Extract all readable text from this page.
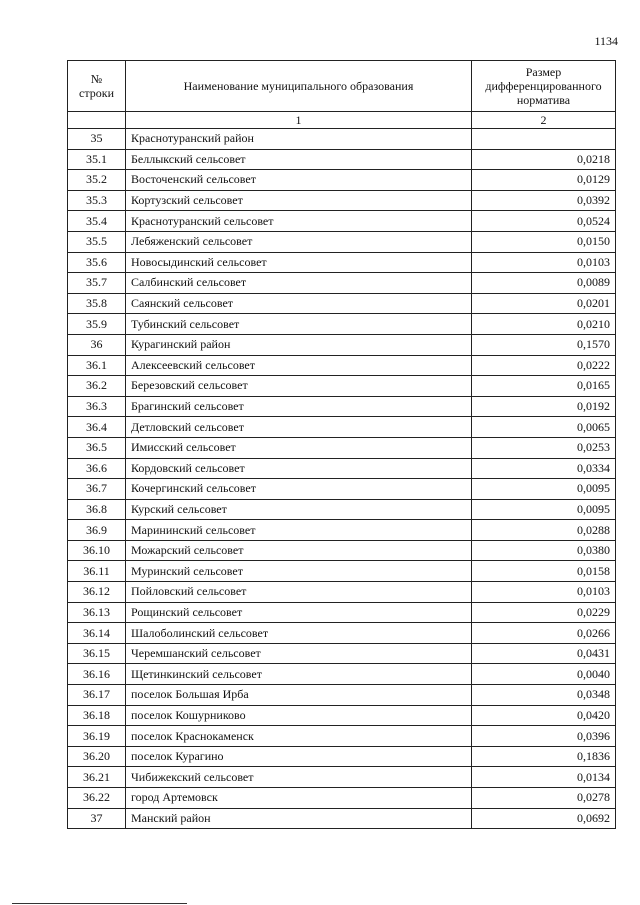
1134
№ строки	Наименование муниципального образования	Размер дифференцированного норматива
	1	2
35	Краснотуранский район	
35.1	Беллыкский сельсовет	0,0218
35.2	Восточенский сельсовет	0,0129
35.3	Кортузский сельсовет	0,0392
35.4	Краснотуранский сельсовет	0,0524
35.5	Лебяженский сельсовет	0,0150
35.6	Новосыдинский сельсовет	0,0103
35.7	Салбинский сельсовет	0,0089
35.8	Саянский сельсовет	0,0201
35.9	Тубинский сельсовет	0,0210
36	Курагинский район	0,1570
36.1	Алексеевский сельсовет	0,0222
36.2	Березовский сельсовет	0,0165
36.3	Брагинский сельсовет	0,0192
36.4	Детловский сельсовет	0,0065
36.5	Имисский сельсовет	0,0253
36.6	Кордовский сельсовет	0,0334
36.7	Кочергинский сельсовет	0,0095
36.8	Курский сельсовет	0,0095
36.9	Марининский сельсовет	0,0288
36.10	Можарский сельсовет	0,0380
36.11	Муринский сельсовет	0,0158
36.12	Пойловский сельсовет	0,0103
36.13	Рощинский сельсовет	0,0229
36.14	Шалоболинский сельсовет	0,0266
36.15	Черемшанский сельсовет	0,0431
36.16	Щетинкинский сельсовет	0,0040
36.17	поселок Большая Ирба	0,0348
36.18	поселок Кошурниково	0,0420
36.19	поселок Краснокаменск	0,0396
36.20	поселок Курагино	0,1836
36.21	Чибижекский сельсовет	0,0134
36.22	город Артемовск	0,0278
37	Манский район	0,0692
